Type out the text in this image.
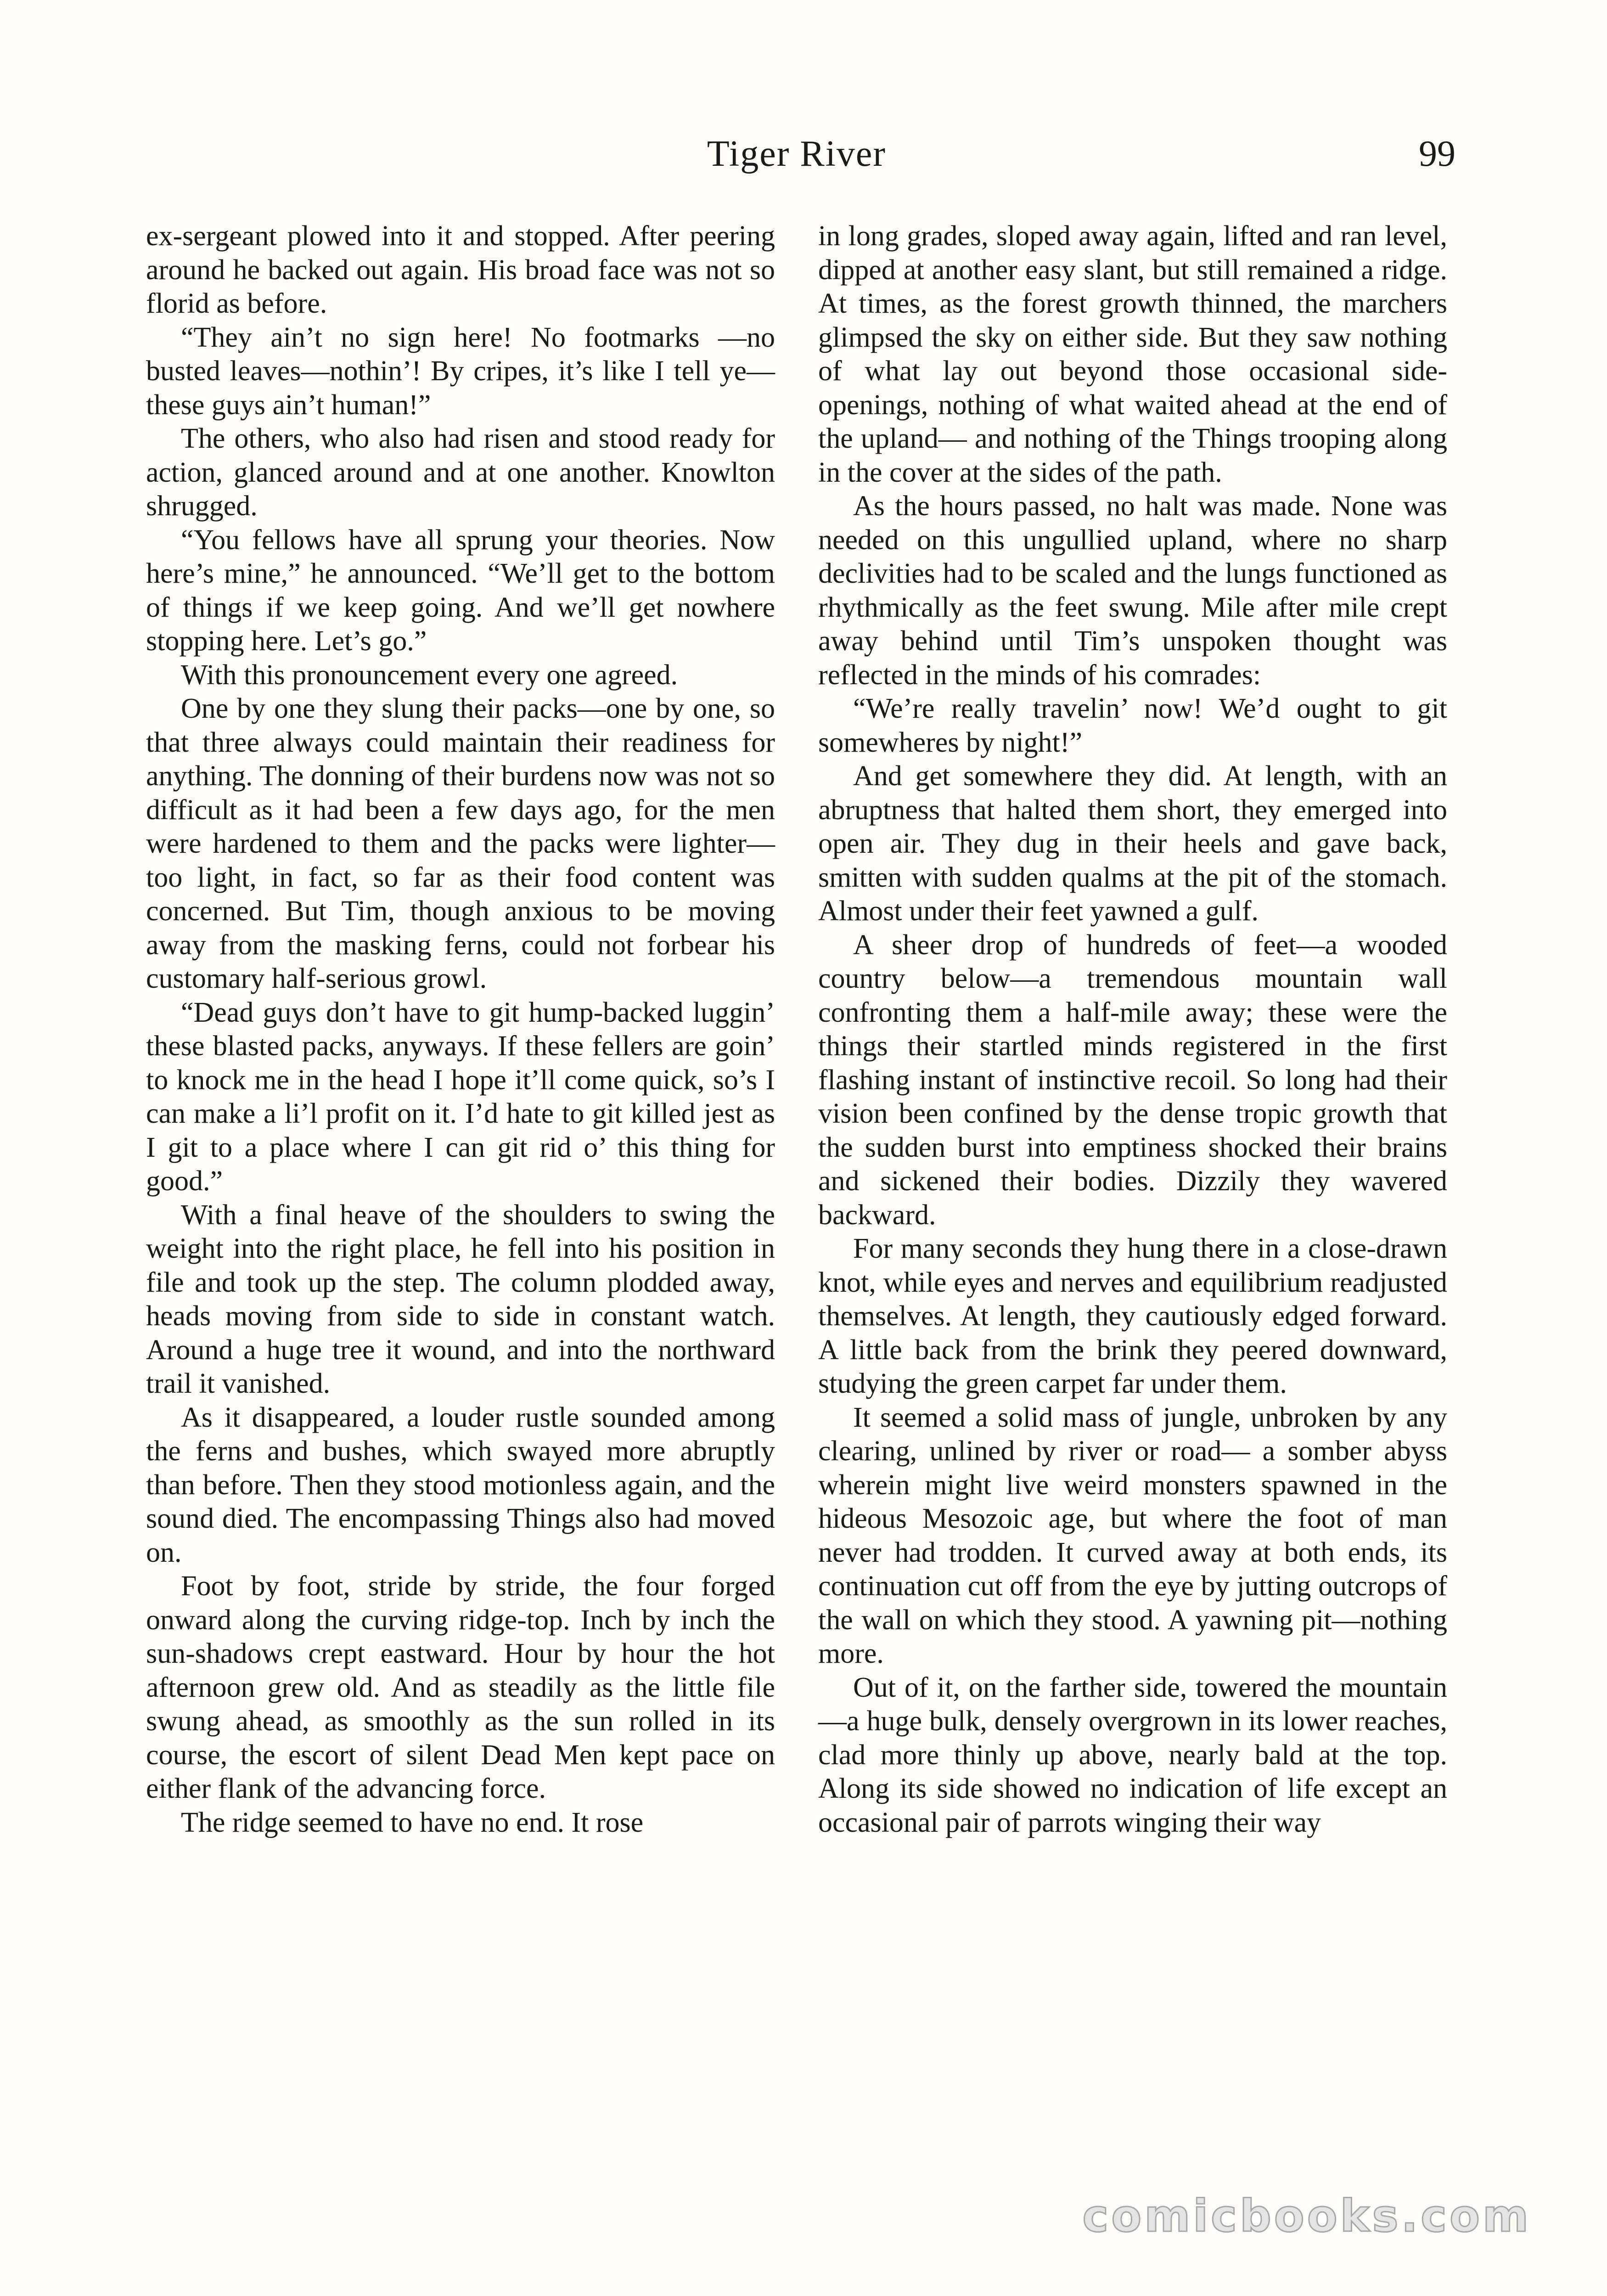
Tiger River	99

ex-sergeant plowed into it and stopped. After peering around he backed out again. His broad face was not so florid as before.

“They ain’t no sign here! No footmarks —no busted leaves—nothin’! By cripes, it’s like I tell ye—these guys ain’t human!”

The others, who also had risen and stood ready for action, glanced around and at one another. Knowlton shrugged.

“You fellows have all sprung your theories. Now here’s mine,” he announced. “We’ll get to the bottom of things if we keep going. And we’ll get nowhere stopping here. Let’s go.”

With this pronouncement every one agreed.

One by one they slung their packs—one by one, so that three always could maintain their readiness for anything. The donning of their burdens now was not so difficult as it had been a few days ago, for the men were hardened to them and the packs were lighter—too light, in fact, so far as their food content was concerned. But Tim, though anxious to be moving away from the masking ferns, could not forbear his customary half-serious growl.

“Dead guys don’t have to git hump-backed luggin’ these blasted packs, anyways. If these fellers are goin’ to knock me in the head I hope it’ll come quick, so’s I can make a li’l profit on it. I’d hate to git killed jest as I git to a place where I can git rid o’ this thing for good.”

With a final heave of the shoulders to swing the weight into the right place, he fell into his position in file and took up the step. The column plodded away, heads moving from side to side in constant watch. Around a huge tree it wound, and into the northward trail it vanished.

As it disappeared, a louder rustle sounded among the ferns and bushes, which swayed more abruptly than before. Then they stood motionless again, and the sound died. The encompassing Things also had moved on.

Foot by foot, stride by stride, the four forged onward along the curving ridge-top. Inch by inch the sun-shadows crept eastward. Hour by hour the hot afternoon grew old. And as steadily as the little file swung ahead, as smoothly as the sun rolled in its course, the escort of silent Dead Men kept pace on either flank of the advancing force.

The ridge seemed to have no end. It rose

in long grades, sloped away again, lifted and ran level, dipped at another easy slant, but still remained a ridge. At times, as the forest growth thinned, the marchers glimpsed the sky on either side. But they saw nothing of what lay out beyond those occasional side-openings, nothing of what waited ahead at the end of the upland— and nothing of the Things trooping along in the cover at the sides of the path.

As the hours passed, no halt was made. None was needed on this ungullied upland, where no sharp declivities had to be scaled and the lungs functioned as rhythmically as the feet swung. Mile after mile crept away behind until Tim’s unspoken thought was reflected in the minds of his comrades:

“We’re really travelin’ now! We’d ought to git somewheres by night!”

And get somewhere they did. At length, with an abruptness that halted them short, they emerged into open air. They dug in their heels and gave back, smitten with sudden qualms at the pit of the stomach. Almost under their feet yawned a gulf.

A sheer drop of hundreds of feet—a wooded country below—a tremendous mountain wall confronting them a half-mile away; these were the things their startled minds registered in the first flashing instant of instinctive recoil. So long had their vision been confined by the dense tropic growth that the sudden burst into emptiness shocked their brains and sickened their bodies. Dizzily they wavered backward.

For many seconds they hung there in a close-drawn knot, while eyes and nerves and equilibrium readjusted themselves. At length, they cautiously edged forward. A little back from the brink they peered downward, studying the green carpet far under them.

It seemed a solid mass of jungle, unbroken by any clearing, unlined by river or road— a somber abyss wherein might live weird monsters spawned in the hideous Mesozoic age, but where the foot of man never had trodden. It curved away at both ends, its continuation cut off from the eye by jutting outcrops of the wall on which they stood. A yawning pit—nothing more.

Out of it, on the farther side, towered the mountain—a huge bulk, densely overgrown in its lower reaches, clad more thinly up above, nearly bald at the top. Along its side showed no indication of life except an occasional pair of parrots winging their way

comicbooks.com
